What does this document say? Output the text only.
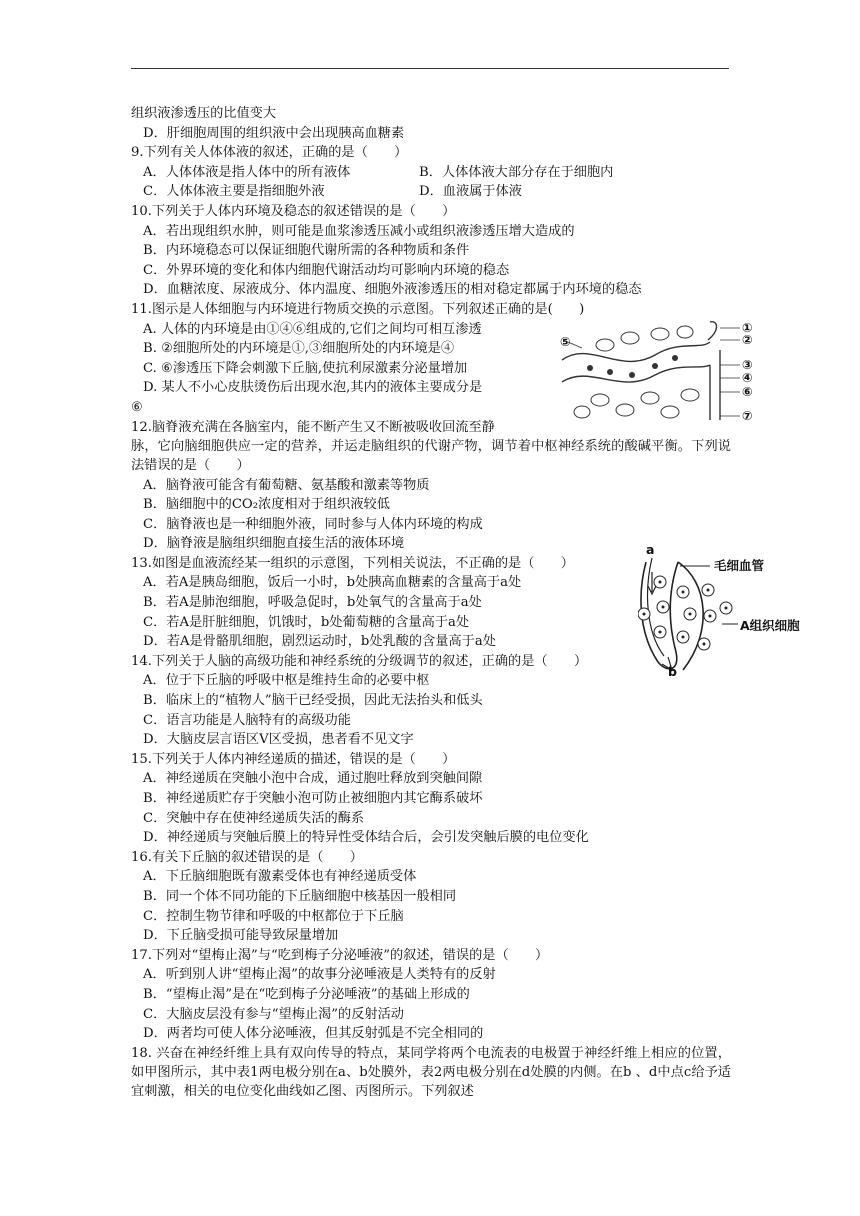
组织液渗透压的比值变大
D．肝细胞周围的组织液中会出现胰高血糖素
9.下列有关人体体液的叙述，正确的是（　　）
A．人体体液是指人体中的所有液体	B．人体体液大部分存在于细胞内
C．人体体液主要是指细胞外液	D．血液属于体液
10.下列关于人体内环境及稳态的叙述错误的是（　　）
A．若出现组织水肿，则可能是血浆渗透压减小或组织液渗透压增大造成的
B．内环境稳态可以保证细胞代谢所需的各种物质和条件
C．外界环境的变化和体内细胞代谢活动均可影响内环境的稳态
D．血糖浓度、尿液成分、体内温度、细胞外液渗透压的相对稳定都属于内环境的稳态
11.图示是人体细胞与内环境进行物质交换的示意图。下列叙述正确的是(　　)
A. 人体的内环境是由①④⑥组成的,它们之间均可相互渗透
B. ②细胞所处的内环境是①,③细胞所处的内环境是④
C. ⑥渗透压下降会刺激下丘脑,使抗利尿激素分泌量增加
D. 某人不小心皮肤烫伤后出现水泡,其内的液体主要成分是
⑥
12.脑脊液充满在各脑室内，能不断产生又不断被吸收回流至静
脉，它向脑细胞供应一定的营养，并运走脑组织的代谢产物，调节着中枢神经系统的酸碱平衡。下列说法错误的是（　　）
A．脑脊液可能含有葡萄糖、氨基酸和激素等物质
B．脑细胞中的CO₂浓度相对于组织液较低
C．脑脊液也是一种细胞外液，同时参与人体内环境的构成
D．脑脊液是脑组织细胞直接生活的液体环境
13.如图是血液流经某一组织的示意图，下列相关说法，不正确的是（　　）
A．若A是胰岛细胞，饭后一小时，b处胰高血糖素的含量高于a处
B．若A是肺泡细胞，呼吸急促时，b处氧气的含量高于a处
C．若A是肝脏细胞，饥饿时，b处葡萄糖的含量高于a处
D．若A是骨骼肌细胞，剧烈运动时，b处乳酸的含量高于a处
14.下列关于人脑的高级功能和神经系统的分级调节的叙述，正确的是（　　）
A．位于下丘脑的呼吸中枢是维持生命的必要中枢
B．临床上的“植物人”脑干已经受损，因此无法抬头和低头
C．语言功能是人脑特有的高级功能
D．大脑皮层言语区V区受损，患者看不见文字
15.下列关于人体内神经递质的描述，错误的是（　　）
A．神经递质在突触小泡中合成，通过胞吐释放到突触间隙
B．神经递质贮存于突触小泡可防止被细胞内其它酶系破坏
C．突触中存在使神经递质失活的酶系
D．神经递质与突触后膜上的特异性受体结合后，会引发突触后膜的电位变化
16.有关下丘脑的叙述错误的是（　　）
A．下丘脑细胞既有激素受体也有神经递质受体
B．同一个体不同功能的下丘脑细胞中核基因一般相同
C．控制生物节律和呼吸的中枢都位于下丘脑
D．下丘脑受损可能导致尿量增加
17.下列对“望梅止渴”与“吃到梅子分泌唾液”的叙述，错误的是（　　）
A．听到别人讲“望梅止渴”的故事分泌唾液是人类特有的反射
B．“望梅止渴”是在“吃到梅子分泌唾液”的基础上形成的
C．大脑皮层没有参与“望梅止渴”的反射活动
D．两者均可使人体分泌唾液，但其反射弧是不完全相同的
18. 兴奋在神经纤维上具有双向传导的特点，某同学将两个电流表的电极置于神经纤维上相应的位置，如甲图所示，其中表1两电极分别在a、b处膜外，表2两电极分别在d处膜的内侧。在b 、d中点c给予适宜刺激，相关的电位变化曲线如乙图、丙图所示。下列叙述
①
②
③
④
⑤
⑥
⑦
a
b
毛细血管
A组织细胞
